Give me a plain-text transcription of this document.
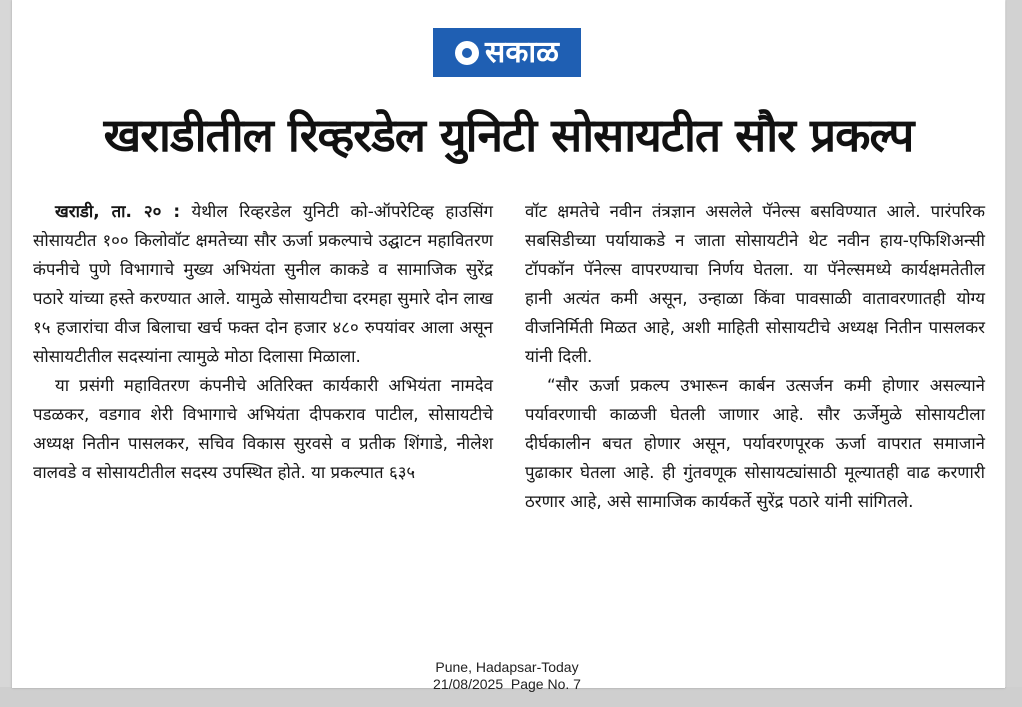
सकाळ
खराडीतील रिव्हरडेल युनिटी सोसायटीत सौर प्रकल्प

खराडी, ता. २० : येथील रिव्हरडेल युनिटी को-ऑपरेटिव्ह हाउसिंग सोसायटीत १०० किलोवॉट क्षमतेच्या सौर ऊर्जा प्रकल्पाचे उद्घाटन महावितरण कंपनीचे पुणे विभागाचे मुख्य अभियंता सुनील काकडे व सामाजिक सुरेंद्र पठारे यांच्या हस्ते करण्यात आले. यामुळे सोसायटीचा दरमहा सुमारे दोन लाख १५ हजारांचा वीज बिलाचा खर्च फक्त दोन हजार ४८० रुपयांवर आला असून सोसायटीतील सदस्यांना त्यामुळे मोठा दिलासा मिळाला.

या प्रसंगी महावितरण कंपनीचे अतिरिक्त कार्यकारी अभियंता नामदेव पडळकर, वडगाव शेरी विभागाचे अभियंता दीपकराव पाटील, सोसायटीचे अध्यक्ष नितीन पासलकर, सचिव विकास सुरवसे व प्रतीक शिंगाडे, नीलेश वालवडे व सोसायटीतील सदस्य उपस्थित होते. या प्रकल्पात ६३५

वॉट क्षमतेचे नवीन तंत्रज्ञान असलेले पॅनेल्स बसविण्यात आले. पारंपरिक सबसिडीच्या पर्यायाकडे न जाता सोसायटीने थेट नवीन हाय-एफिशिअन्सी टॉपकॉन पॅनेल्स वापरण्याचा निर्णय घेतला. या पॅनेल्समध्ये कार्यक्षमतेतील हानी अत्यंत कमी असून, उन्हाळा किंवा पावसाळी वातावरणातही योग्य वीजनिर्मिती मिळत आहे, अशी माहिती सोसायटीचे अध्यक्ष नितीन पासलकर यांनी दिली.

“सौर ऊर्जा प्रकल्प उभारून कार्बन उत्सर्जन कमी होणार असल्याने पर्यावरणाची काळजी घेतली जाणार आहे. सौर ऊर्जेमुळे सोसायटीला दीर्घकालीन बचत होणार असून, पर्यावरणपूरक ऊर्जा वापरात समाजाने पुढाकार घेतला आहे. ही गुंतवणूक सोसायट्यांसाठी मूल्यातही वाढ करणारी ठरणार आहे, असे सामाजिक कार्यकर्ते सुरेंद्र पठारे यांनी सांगितले.

Pune, Hadapsar-Today
21/08/2025  Page No. 7
